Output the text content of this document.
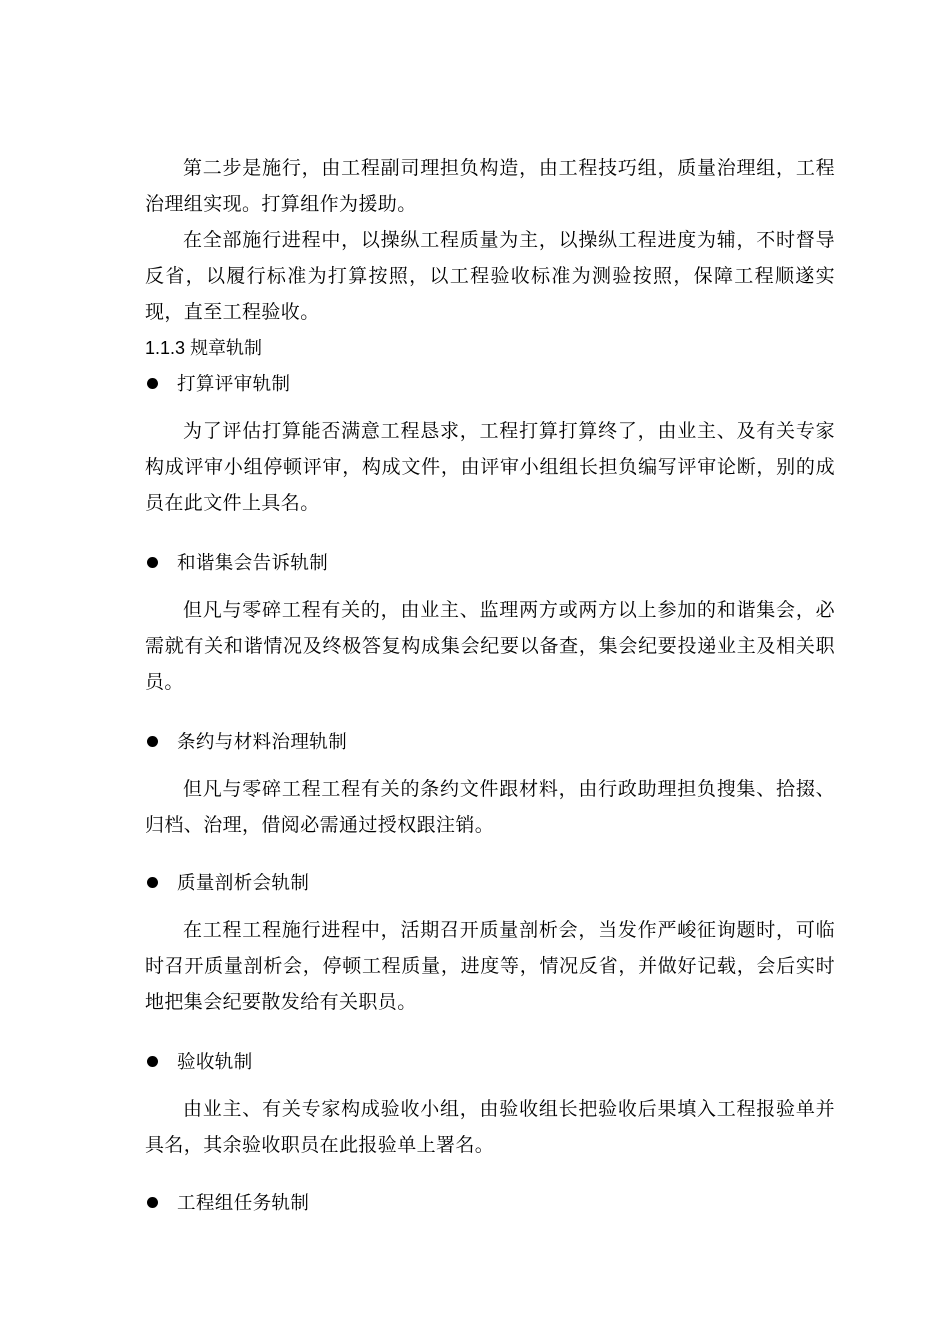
第二步是施行，由工程副司理担负构造，由工程技巧组，质量治理组，工程治理组实现。打算组作为援助。

在全部施行进程中，以操纵工程质量为主，以操纵工程进度为辅，不时督导反省，以履行标准为打算按照，以工程验收标准为测验按照，保障工程顺遂实现，直至工程验收。

1.1.3 规章轨制
打算评审轨制

为了评估打算能否满意工程恳求，工程打算打算终了，由业主、及有关专家构成评审小组停顿评审，构成文件，由评审小组组长担负编写评审论断，别的成员在此文件上具名。

和谐集会告诉轨制

但凡与零碎工程有关的，由业主、监理两方或两方以上参加的和谐集会，必需就有关和谐情况及终极答复构成集会纪要以备查，集会纪要投递业主及相关职员。

条约与材料治理轨制

但凡与零碎工程工程有关的条约文件跟材料，由行政助理担负搜集、拾掇、归档、治理，借阅必需通过授权跟注销。

质量剖析会轨制

在工程工程施行进程中，活期召开质量剖析会，当发作严峻征询题时，可临时召开质量剖析会，停顿工程质量，进度等，情况反省，并做好记载，会后实时地把集会纪要散发给有关职员。

验收轨制

由业主、有关专家构成验收小组，由验收组长把验收后果填入工程报验单并具名，其余验收职员在此报验单上署名。

工程组任务轨制
